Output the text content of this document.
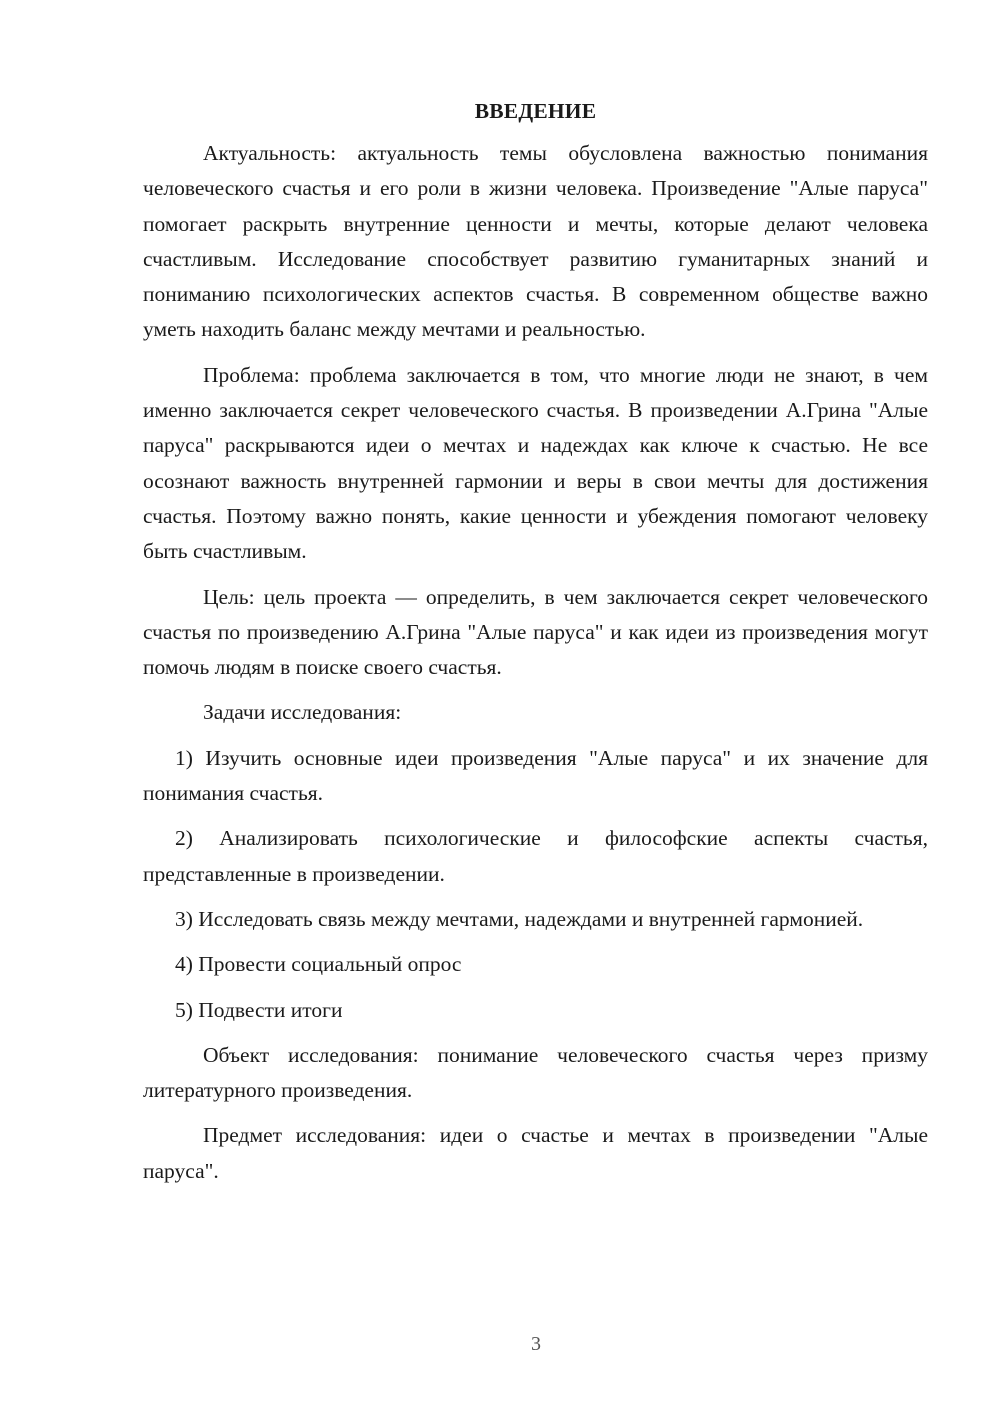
ВВЕДЕНИЕ

Актуальность: актуальность темы обусловлена важностью понимания человеческого счастья и его роли в жизни человека. Произведение "Алые паруса" помогает раскрыть внутренние ценности и мечты, которые делают человека счастливым. Исследование способствует развитию гуманитарных знаний и пониманию психологических аспектов счастья. В современном обществе важно уметь находить баланс между мечтами и реальностью.

Проблема: проблема заключается в том, что многие люди не знают, в чем именно заключается секрет человеческого счастья. В произведении А.Грина "Алые паруса" раскрываются идеи о мечтах и надеждах как ключе к счастью. Не все осознают важность внутренней гармонии и веры в свои мечты для достижения счастья. Поэтому важно понять, какие ценности и убеждения помогают человеку быть счастливым.

Цель: цель проекта — определить, в чем заключается секрет человеческого счастья по произведению А.Грина "Алые паруса" и как идеи из произведения могут помочь людям в поиске своего счастья.

Задачи исследования:

1) Изучить основные идеи произведения "Алые паруса" и их значение для понимания счастья.

2) Анализировать психологические и философские аспекты счастья, представленные в произведении.

3) Исследовать связь между мечтами, надеждами и внутренней гармонией.

4) Провести социальный опрос

5) Подвести итоги

Объект исследования: понимание человеческого счастья через призму литературного произведения.

Предмет исследования: идеи о счастье и мечтах в произведении "Алые паруса".

3
